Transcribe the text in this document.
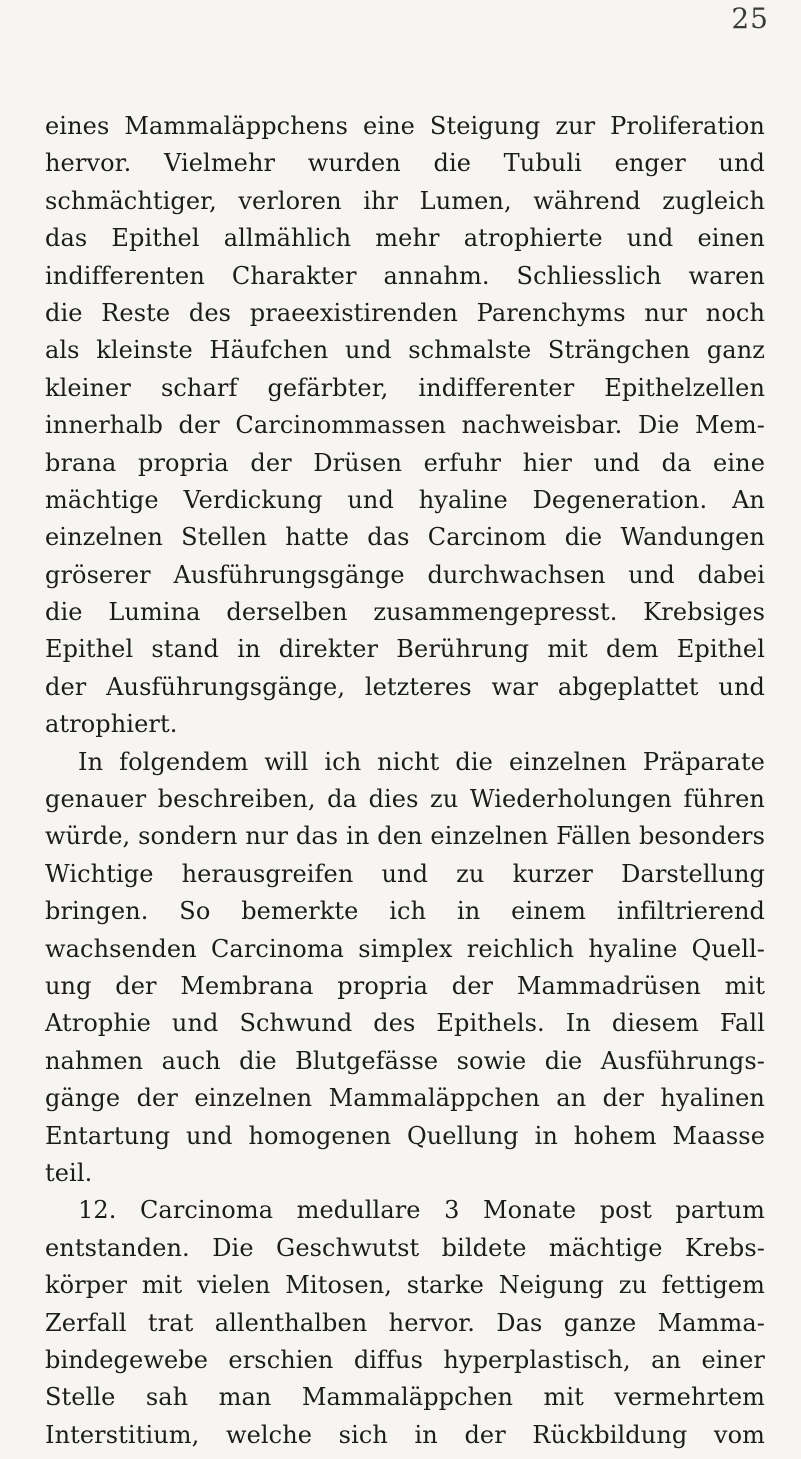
25
eines Mammaläppchens eine Steigung zur Proliferation
hervor. Vielmehr wurden die Tubuli enger und
schmächtiger, verloren ihr Lumen, während zugleich
das Epithel allmählich mehr atrophierte und einen
indifferenten Charakter annahm. Schliesslich waren
die Reste des praeexistirenden Parenchyms nur noch
als kleinste Häufchen und schmalste Strängchen ganz
kleiner scharf gefärbter, indifferenter Epithelzellen
innerhalb der Carcinommassen nachweisbar. Die Mem-
brana propria der Drüsen erfuhr hier und da eine
mächtige Verdickung und hyaline Degeneration. An
einzelnen Stellen hatte das Carcinom die Wandungen
gröserer Ausführungsgänge durchwachsen und dabei
die Lumina derselben zusammengepresst. Krebsiges
Epithel stand in direkter Berührung mit dem Epithel
der Ausführungsgänge, letzteres war abgeplattet und
atrophiert.
In folgendem will ich nicht die einzelnen Präparate
genauer beschreiben, da dies zu Wiederholungen führen
würde, sondern nur das in den einzelnen Fällen besonders
Wichtige herausgreifen und zu kurzer Darstellung
bringen. So bemerkte ich in einem infiltrierend
wachsenden Carcinoma simplex reichlich hyaline Quell-
ung der Membrana propria der Mammadrüsen mit
Atrophie und Schwund des Epithels. In diesem Fall
nahmen auch die Blutgefässe sowie die Ausführungs-
gänge der einzelnen Mammaläppchen an der hyalinen
Entartung und homogenen Quellung in hohem Maasse
teil.
12. Carcinoma medullare 3 Monate post partum
entstanden. Die Geschwutst bildete mächtige Krebs-
körper mit vielen Mitosen, starke Neigung zu fettigem
Zerfall trat allenthalben hervor. Das ganze Mamma-
bindegewebe erschien diffus hyperplastisch, an einer
Stelle sah man Mammaläppchen mit vermehrtem
Interstitium, welche sich in der Rückbildung vom
